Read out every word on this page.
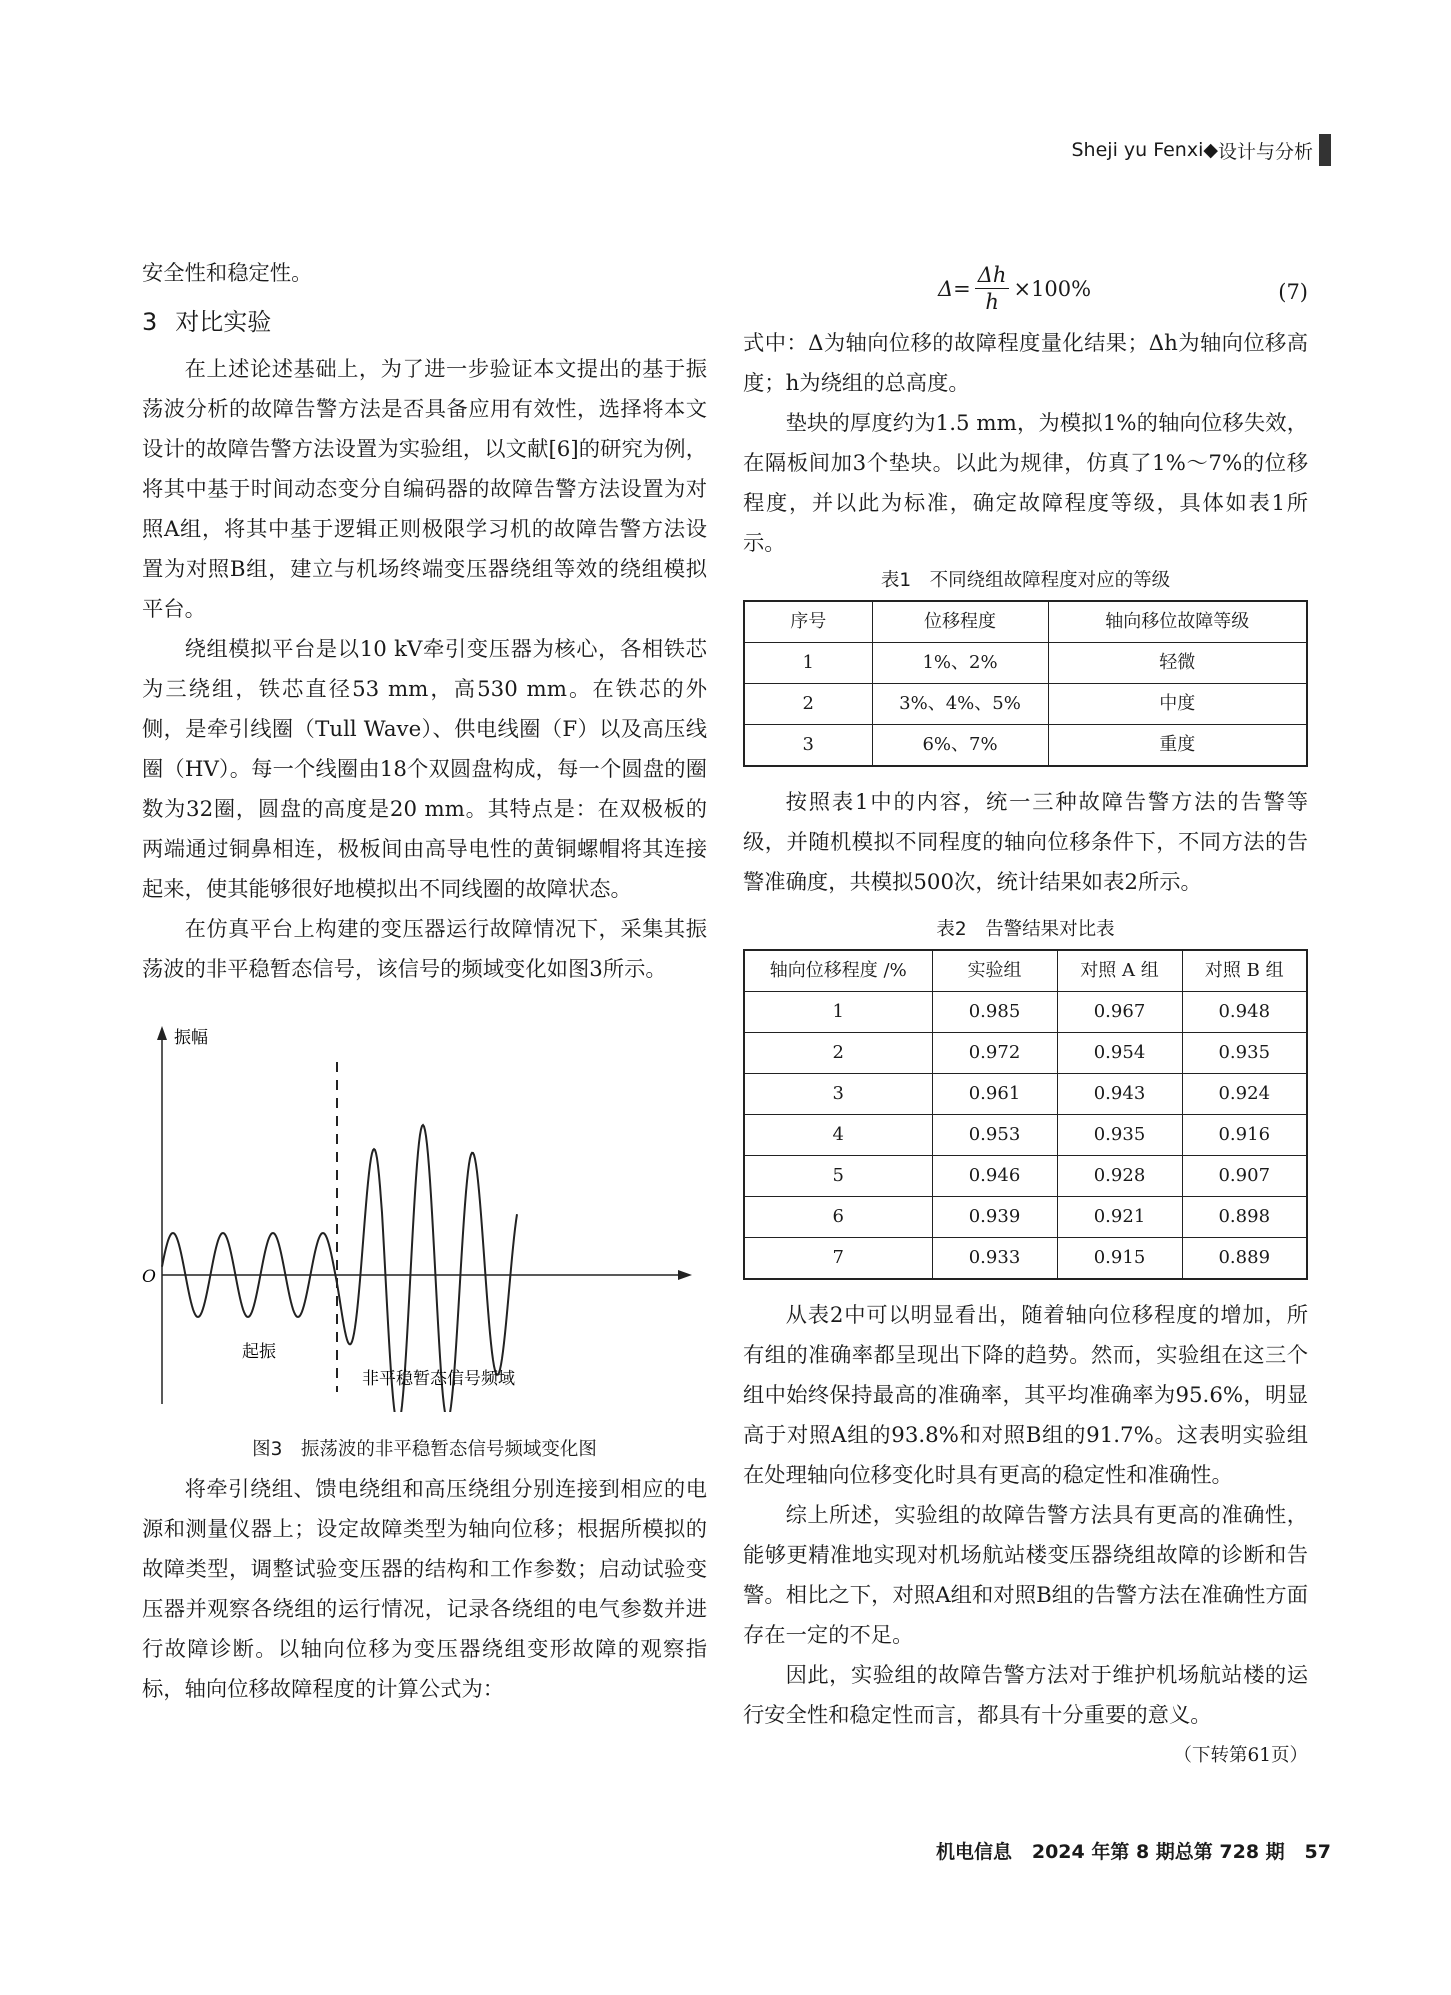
Sheji yu Fenxi ◆ 设计与分析

安全性和稳定性。

3 对比实验

在上述论述基础上，为了进一步验证本文提出的基于振荡波分析的故障告警方法是否具备应用有效性，选择将本文设计的故障告警方法设置为实验组，以文献[6]的研究为例，将其中基于时间动态变分自编码器的故障告警方法设置为对照A组，将其中基于逻辑正则极限学习机的故障告警方法设置为对照B组，建立与机场终端变压器绕组等效的绕组模拟平台。

绕组模拟平台是以10 kV牵引变压器为核心，各相铁芯为三绕组，铁芯直径53 mm，高530 mm。在铁芯的外侧，是牵引线圈（Tull Wave）、供电线圈（F）以及高压线圈（HV）。每一个线圈由18个双圆盘构成，每一个圆盘的圈数为32圈，圆盘的高度是20 mm。其特点是：在双极板的两端通过铜鼻相连，极板间由高导电性的黄铜螺帽将其连接起来，使其能够很好地模拟出不同线圈的故障状态。

在仿真平台上构建的变压器运行故障情况下，采集其振荡波的非平稳暂态信号，该信号的频域变化如图3所示。

振幅
O
起振
非平稳暂态信号频域
图3　振荡波的非平稳暂态信号频域变化图

将牵引绕组、馈电绕组和高压绕组分别连接到相应的电源和测量仪器上；设定故障类型为轴向位移；根据所模拟的故障类型，调整试验变压器的结构和工作参数；启动试验变压器并观察各绕组的运行情况，记录各绕组的电气参数并进行故障诊断。以轴向位移为变压器绕组变形故障的观察指标，轴向位移故障程度的计算公式为：

$\Delta= \frac{\Delta h}{h} \times 100\%$	(7)

式中：Δ为轴向位移的故障程度量化结果；Δh为轴向位移高度；h为绕组的总高度。

垫块的厚度约为1.5 mm，为模拟1%的轴向位移失效，在隔板间加3个垫块。以此为规律，仿真了1%～7%的位移程度，并以此为标准，确定故障程度等级，具体如表1所示。

表1　不同绕组故障程度对应的等级
序号	位移程度	轴向移位故障等级
1	1%、2%	轻微
2	3%、4%、5%	中度
3	6%、7%	重度

按照表1中的内容，统一三种故障告警方法的告警等级，并随机模拟不同程度的轴向位移条件下，不同方法的告警准确度，共模拟500次，统计结果如表2所示。

表2　告警结果对比表
轴向位移程度 /%	实验组	对照 A 组	对照 B 组
1	0.985	0.967	0.948
2	0.972	0.954	0.935
3	0.961	0.943	0.924
4	0.953	0.935	0.916
5	0.946	0.928	0.907
6	0.939	0.921	0.898
7	0.933	0.915	0.889

从表2中可以明显看出，随着轴向位移程度的增加，所有组的准确率都呈现出下降的趋势。然而，实验组在这三个组中始终保持最高的准确率，其平均准确率为95.6%，明显高于对照A组的93.8%和对照B组的91.7%。这表明实验组在处理轴向位移变化时具有更高的稳定性和准确性。

综上所述，实验组的故障告警方法具有更高的准确性，能够更精准地实现对机场航站楼变压器绕组故障的诊断和告警。相比之下，对照A组和对照B组的告警方法在准确性方面存在一定的不足。

因此，实验组的故障告警方法对于维护机场航站楼的运行安全性和稳定性而言，都具有十分重要的意义。
（下转第61页）

机电信息 2024 年第 8 期总第 728 期 57
